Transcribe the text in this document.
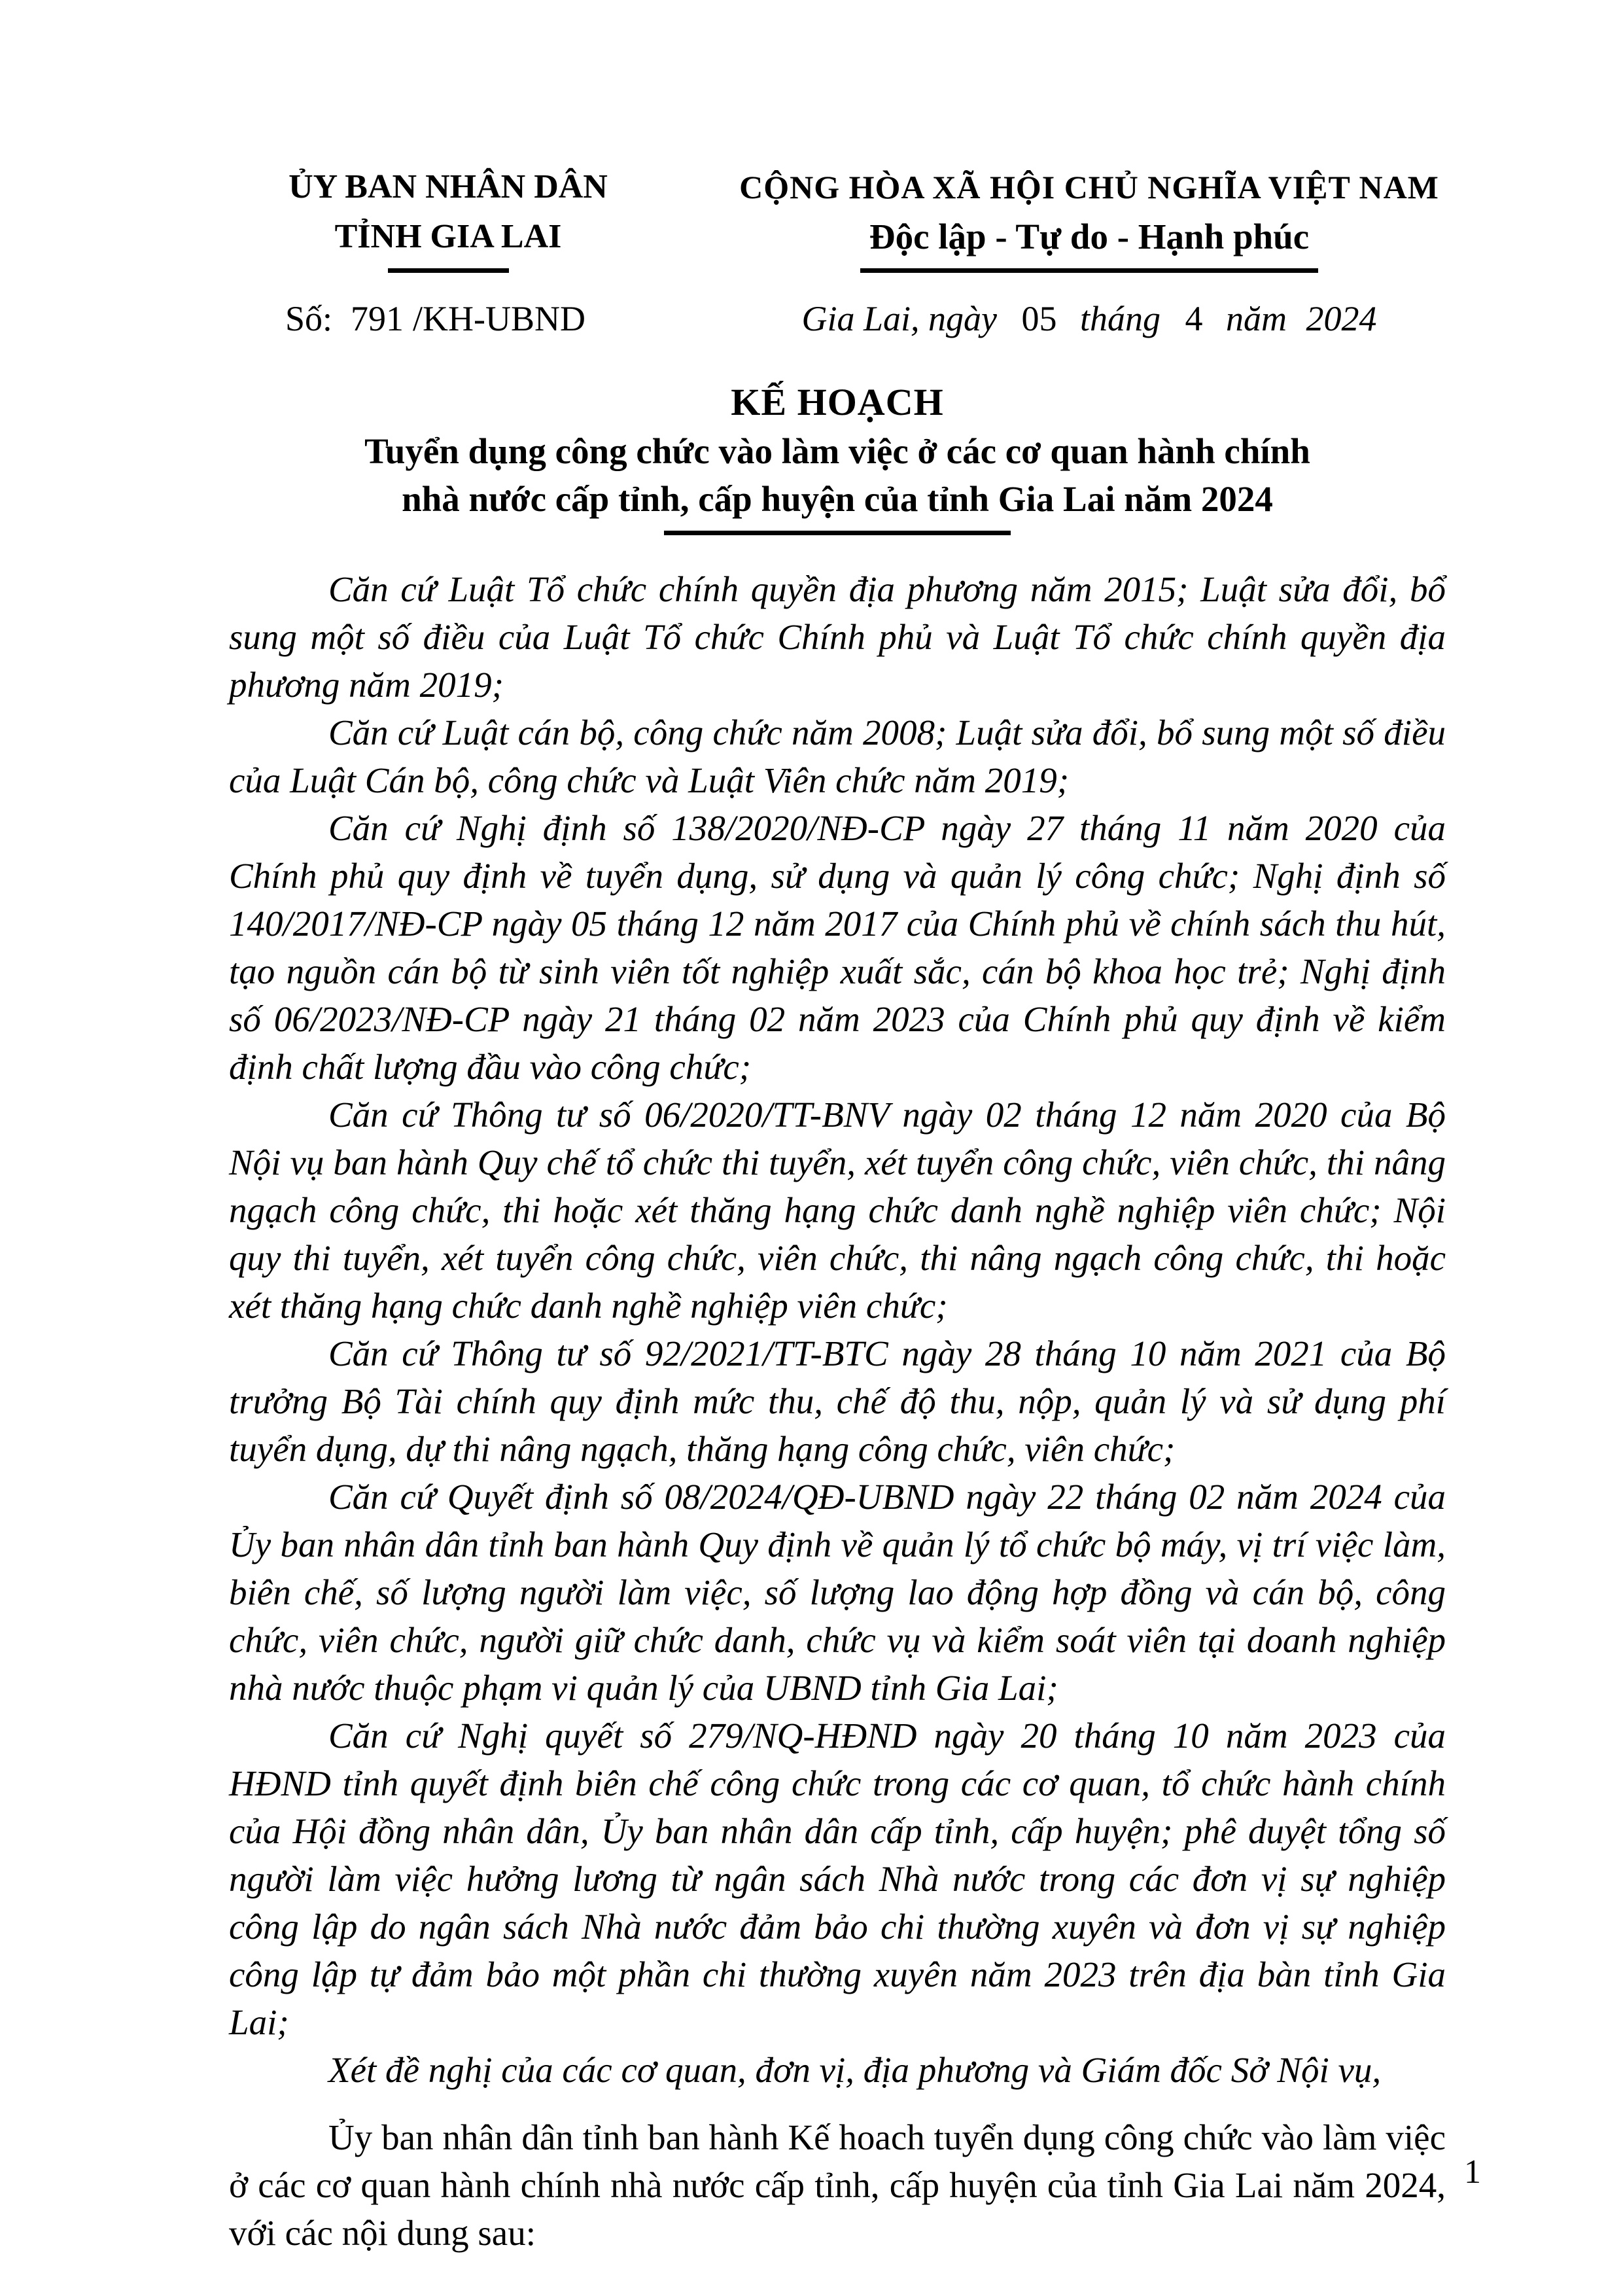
ỦY BAN NHÂN DÂN
TỈNH GIA LAI
CỘNG HÒA XÃ HỘI CHỦ NGHĨA VIỆT NAM
Độc lập - Tự do - Hạnh phúc
Số: 791 /KH-UBND	Gia Lai, ngày 05 tháng 4 năm 2024
KẾ HOẠCH
Tuyển dụng công chức vào làm việc ở các cơ quan hành chính
nhà nước cấp tỉnh, cấp huyện của tỉnh Gia Lai năm 2024

Căn cứ Luật Tổ chức chính quyền địa phương năm 2015; Luật sửa đổi, bổ sung một số điều của Luật Tổ chức Chính phủ và Luật Tổ chức chính quyền địa phương năm 2019;

Căn cứ Luật cán bộ, công chức năm 2008; Luật sửa đổi, bổ sung một số điều của Luật Cán bộ, công chức và Luật Viên chức năm 2019;

Căn cứ Nghị định số 138/2020/NĐ-CP ngày 27 tháng 11 năm 2020 của Chính phủ quy định về tuyển dụng, sử dụng và quản lý công chức; Nghị định số 140/2017/NĐ-CP ngày 05 tháng 12 năm 2017 của Chính phủ về chính sách thu hút, tạo nguồn cán bộ từ sinh viên tốt nghiệp xuất sắc, cán bộ khoa học trẻ; Nghị định số 06/2023/NĐ-CP ngày 21 tháng 02 năm 2023 của Chính phủ quy định về kiểm định chất lượng đầu vào công chức;

Căn cứ Thông tư số 06/2020/TT-BNV ngày 02 tháng 12 năm 2020 của Bộ Nội vụ ban hành Quy chế tổ chức thi tuyển, xét tuyển công chức, viên chức, thi nâng ngạch công chức, thi hoặc xét thăng hạng chức danh nghề nghiệp viên chức; Nội quy thi tuyển, xét tuyển công chức, viên chức, thi nâng ngạch công chức, thi hoặc xét thăng hạng chức danh nghề nghiệp viên chức;

Căn cứ Thông tư số 92/2021/TT-BTC ngày 28 tháng 10 năm 2021 của Bộ trưởng Bộ Tài chính quy định mức thu, chế độ thu, nộp, quản lý và sử dụng phí tuyển dụng, dự thi nâng ngạch, thăng hạng công chức, viên chức;

Căn cứ Quyết định số 08/2024/QĐ-UBND ngày 22 tháng 02 năm 2024 của Ủy ban nhân dân tỉnh ban hành Quy định về quản lý tổ chức bộ máy, vị trí việc làm, biên chế, số lượng người làm việc, số lượng lao động hợp đồng và cán bộ, công chức, viên chức, người giữ chức danh, chức vụ và kiểm soát viên tại doanh nghiệp nhà nước thuộc phạm vi quản lý của UBND tỉnh Gia Lai;

Căn cứ Nghị quyết số 279/NQ-HĐND ngày 20 tháng 10 năm 2023 của HĐND tỉnh quyết định biên chế công chức trong các cơ quan, tổ chức hành chính của Hội đồng nhân dân, Ủy ban nhân dân cấp tỉnh, cấp huyện; phê duyệt tổng số người làm việc hưởng lương từ ngân sách Nhà nước trong các đơn vị sự nghiệp công lập do ngân sách Nhà nước đảm bảo chi thường xuyên và đơn vị sự nghiệp công lập tự đảm bảo một phần chi thường xuyên năm 2023 trên địa bàn tỉnh Gia Lai;

Xét đề nghị của các cơ quan, đơn vị, địa phương và Giám đốc Sở Nội vụ,

Ủy ban nhân dân tỉnh ban hành Kế hoach tuyển dụng công chức vào làm việc ở các cơ quan hành chính nhà nước cấp tỉnh, cấp huyện của tỉnh Gia Lai năm 2024, với các nội dung sau:

1
